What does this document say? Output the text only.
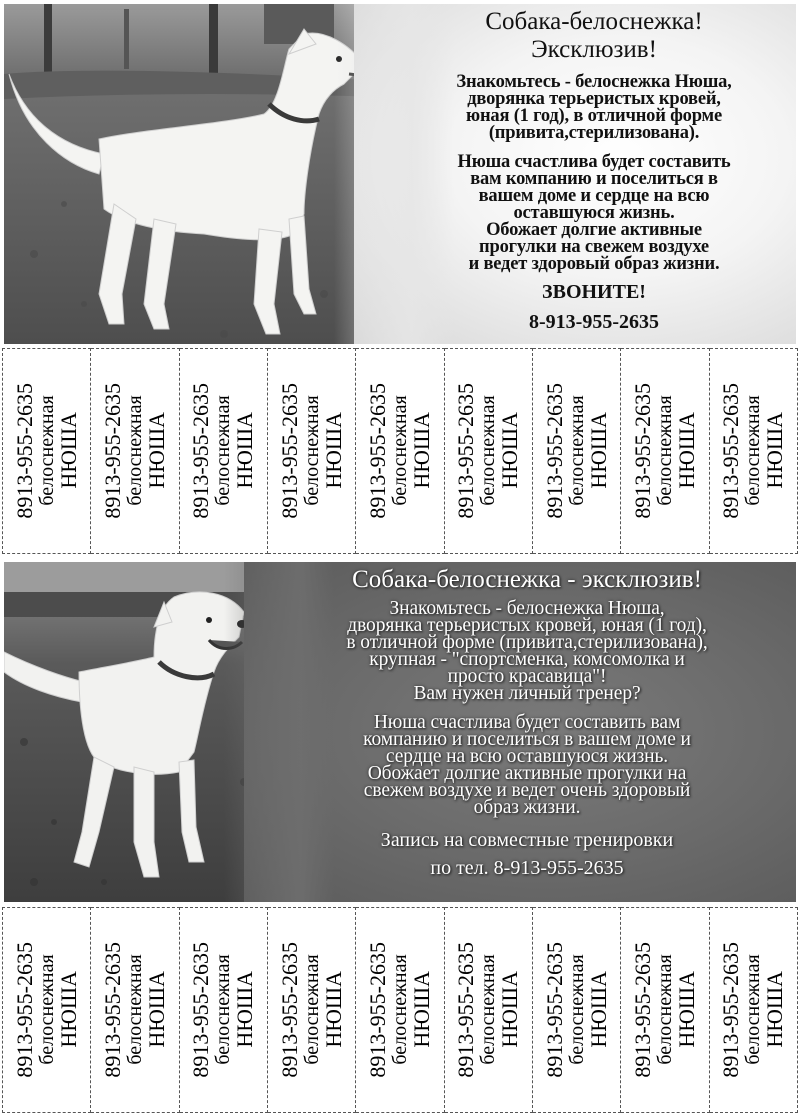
Собака-белоснежка!
Эксклюзив!
Знакомьтесь - белоснежка Нюша,
дворянка терьеристых кровей,
юная (1 год), в отличной форме
(привита,стерилизована).
Нюша счастлива будет составить
вам компанию и поселиться в
вашем доме и сердце на всю
оставшуюся жизнь.
Обожает долгие активные
прогулки на свежем воздухе
и ведет здоровый образ жизни.
ЗВОНИТЕ!
8-913-955-2635
8913-955-2635 белоснежная
НЮША 8913-955-2635 белоснежная
НЮША 8913-955-2635 белоснежная
НЮША 8913-955-2635 белоснежная
НЮША 8913-955-2635 белоснежная
НЮША 8913-955-2635 белоснежная
НЮША 8913-955-2635 белоснежная
НЮША 8913-955-2635 белоснежная
НЮША 8913-955-2635 белоснежная
НЮША
Собака-белоснежка - эксклюзив!
Знакомьтесь - белоснежка Нюша,
дворянка терьеристых кровей, юная (1 год),
в отличной форме (привита,стерилизована),
крупная - "спортсменка, комсомолка и
просто красавица"!
Вам нужен личный тренер?
Нюша счастлива будет составить вам
компанию и поселиться в вашем доме и
сердце на всю оставшуюся жизнь.
Обожает долгие активные прогулки на
свежем воздухе и ведет очень здоровый
образ жизни.
Запись на совместные тренировки
по тел. 8-913-955-2635
8913-955-2635 белоснежная
НЮША 8913-955-2635 белоснежная
НЮША 8913-955-2635 белоснежная
НЮША 8913-955-2635 белоснежная
НЮША 8913-955-2635 белоснежная
НЮША 8913-955-2635 белоснежная
НЮША 8913-955-2635 белоснежная
НЮША 8913-955-2635 белоснежная
НЮША 8913-955-2635 белоснежная
НЮША
